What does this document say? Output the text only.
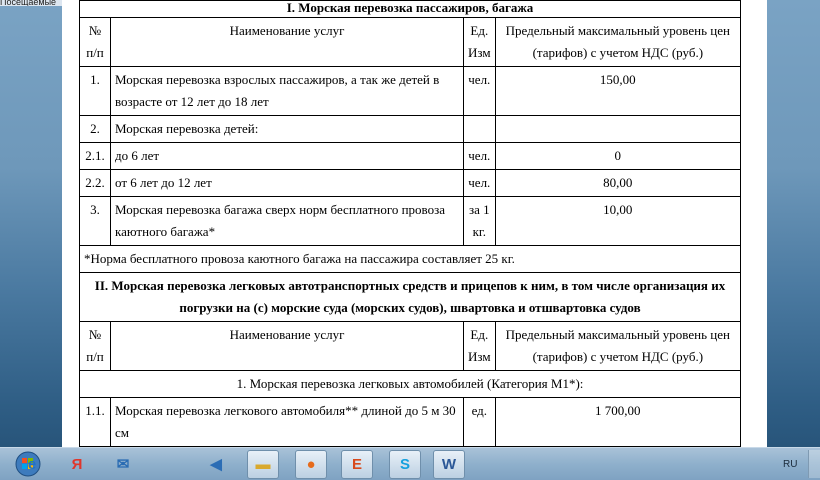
Посещаемые	I. Морская перевозка пассажиров, багажа			
№ п/п	Наименование услуг	Ед. Изм	Предельный максимальный уровень цен (тарифов) с учетом НДС (руб.)
1.	Морская перевозка взрослых пассажиров, а так же детей в возрасте от 12 лет до 18 лет	чел.	150,00
2.	Морская перевозка детей:		
2.1.	до 6 лет	чел.	0
2.2.	от 6 лет до 12 лет	чел.	80,00
3.	Морская перевозка багажа сверх норм бесплатного провоза каютного багажа*	за 1 кг.	10,00
*Норма бесплатного провоза каютного багажа на пассажира составляет 25 кг.			
II. Морская перевозка легковых автотранспортных средств и прицепов к ним, в том числе организация их погрузки на (с) морские суда (морских судов), швартовка и отшвартовка судов			
№ п/п	Наименование услуг	Ед. Изм	Предельный максимальный уровень цен (тарифов) с учетом НДС (руб.)
1. Морская перевозка легковых автомобилей (Категория М1*):			
1.1.	Морская перевозка легкового автомобиля** длиной до 5 м 30 см	ед.	1 700,00

e	Я	✉	◀	▬	●	E	S	W	RU
